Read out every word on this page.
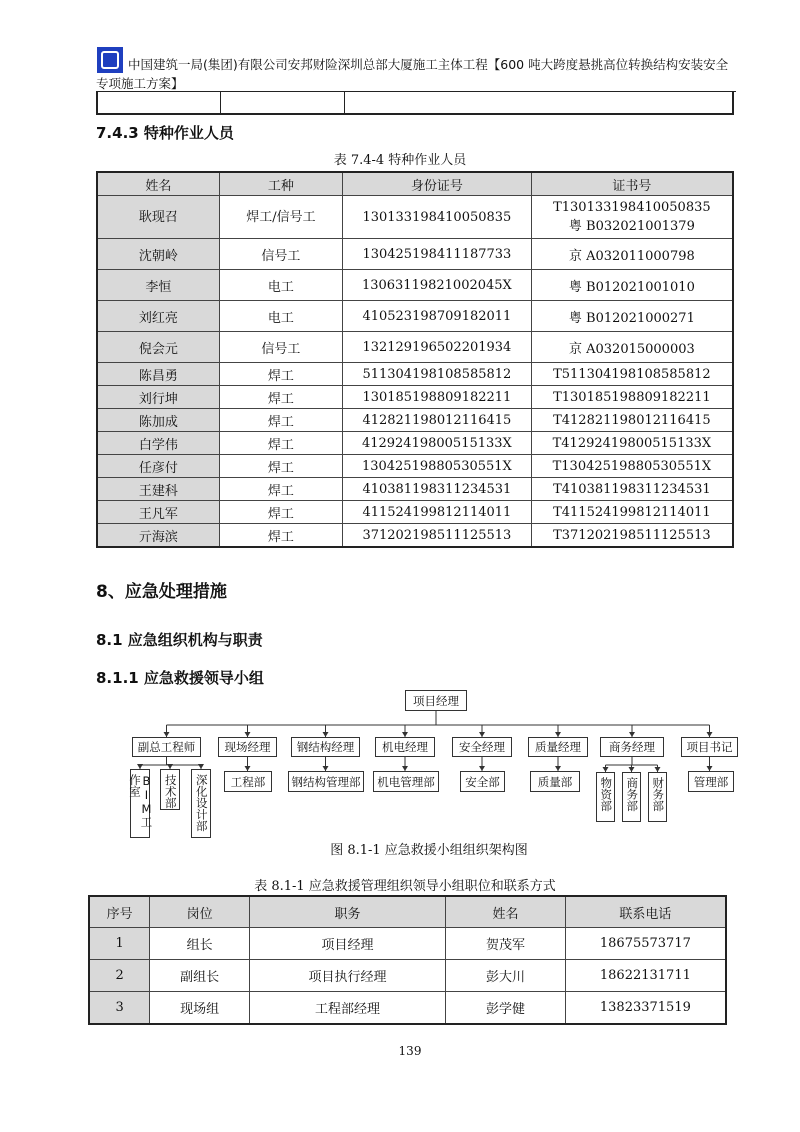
中国建筑一局(集团)有限公司安邦财险深圳总部大厦施工主体工程【600 吨大跨度悬挑高位转换结构安装安全专项施工方案】
7.4.3 特种作业人员
表 7.4-4 特种作业人员
姓名	工种	身份证号	证书号
耿现召	焊工/信号工	130133198410050835	T130133198410050835
粤 B032021001379
沈朝岭	信号工	130425198411187733	京 A032011000798
李恒	电工	13063119821002045X	粤 B012021001010
刘红亮	电工	410523198709182011	粤 B012021000271
倪会元	信号工	132129196502201934	京 A032015000003
陈昌勇	焊工	511304198108585812	T511304198108585812
刘行坤	焊工	130185198809182211	T130185198809182211
陈加成	焊工	412821198012116415	T412821198012116415
白学伟	焊工	41292419800515133X	T41292419800515133X
任彦付	焊工	13042519880530551X	T13042519880530551X
王建科	焊工	410381198311234531	T410381198311234531
王凡军	焊工	411524199812114011	T411524199812114011
亓海滨	焊工	371202198511125513	T371202198511125513
8、应急处理措施
8.1 应急组织机构与职责
8.1.1 应急救援领导小组
项目经理
副总工程师
BIM工作室	技术部	深化设计部
现场经理
工程部
钢结构经理
钢结构管理部
机电经理
机电管理部
安全经理
安全部
质量经理
质量部
商务经理
物资部 商务部 财务部
项目书记
管理部
图 8.1-1 应急救援小组组织架构图
表 8.1-1 应急救援管理组织领导小组职位和联系方式
序号	岗位	职务	姓名	联系电话
1	组长	项目经理	贺茂军	18675573717
2	副组长	项目执行经理	彭大川	18622131711
3	现场组	工程部经理	彭学健	13823371519
139
